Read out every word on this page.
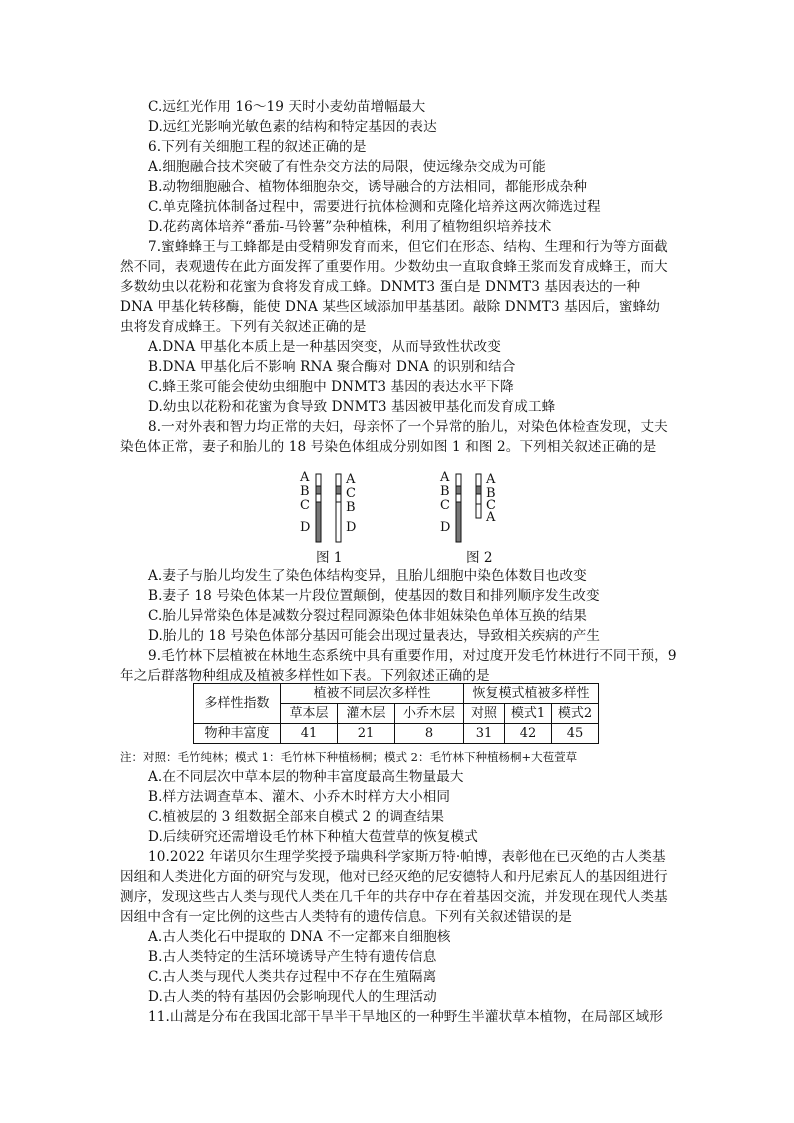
C.远红光作用 16～19 天时小麦幼苗增幅最大
D.远红光影响光敏色素的结构和特定基因的表达
6.下列有关细胞工程的叙述正确的是
A.细胞融合技术突破了有性杂交方法的局限，使远缘杂交成为可能
B.动物细胞融合、植物体细胞杂交，诱导融合的方法相同，都能形成杂种
C.单克隆抗体制备过程中，需要进行抗体检测和克隆化培养这两次筛选过程
D.花药离体培养“番茄-马铃薯”杂种植株，利用了植物组织培养技术
7.蜜蜂蜂王与工蜂都是由受精卵发育而来，但它们在形态、结构、生理和行为等方面截
然不同，表观遗传在此方面发挥了重要作用。少数幼虫一直取食蜂王浆而发育成蜂王，而大
多数幼虫以花粉和花蜜为食将发育成工蜂。DNMT3 蛋白是 DNMT3 基因表达的一种
DNA 甲基化转移酶，能使 DNA 某些区域添加甲基基团。敲除 DNMT3 基因后，蜜蜂幼
虫将发育成蜂王。下列有关叙述正确的是
A.DNA 甲基化本质上是一种基因突变，从而导致性状改变
B.DNA 甲基化后不影响 RNA 聚合酶对 DNA 的识别和结合
C.蜂王浆可能会使幼虫细胞中 DNMT3 基因的表达水平下降
D.幼虫以花粉和花蜜为食导致 DNMT3 基因被甲基化而发育成工蜂
8.一对外表和智力均正常的夫妇，母亲怀了一个异常的胎儿，对染色体检查发现，丈夫
染色体正常，妻子和胎儿的 18 号染色体组成分别如图 1 和图 2。下列相关叙述正确的是
A
B
C
D
A
C
B
D
图 1
A
B
C
D
A
B
C
A
图 2
A.妻子与胎儿均发生了染色体结构变异，且胎儿细胞中染色体数目也改变
B.妻子 18 号染色体某一片段位置颠倒，使基因的数目和排列顺序发生改变
C.胎儿异常染色体是减数分裂过程同源染色体非姐妹染色单体互换的结果
D.胎儿的 18 号染色体部分基因可能会出现过量表达，导致相关疾病的产生
9.毛竹林下层植被在林地生态系统中具有重要作用，对过度开发毛竹林进行不同干预，9
年之后群落物种组成及植被多样性如下表。下列叙述正确的是
多样性指数	植被不同层次多样性			恢复模式植被多样性		
	草本层	灌木层	小乔木层	对照	模式1	模式2
物种丰富度	41	21	8	31	42	45
注：对照：毛竹纯林；模式 1：毛竹林下种植杨桐；模式 2：毛竹林下种植杨桐+大苞萱草
A.在不同层次中草本层的物种丰富度最高生物量最大
B.样方法调查草本、灌木、小乔木时样方大小相同
C.植被层的 3 组数据全部来自模式 2 的调查结果
D.后续研究还需增设毛竹林下种植大苞萱草的恢复模式
10.2022 年诺贝尔生理学奖授予瑞典科学家斯万特·帕博，表彰他在已灭绝的古人类基
因组和人类进化方面的研究与发现，他对已经灭绝的尼安德特人和丹尼索瓦人的基因组进行
测序，发现这些古人类与现代人类在几千年的共存中存在着基因交流，并发现在现代人类基
因组中含有一定比例的这些古人类特有的遗传信息。下列有关叙述错误的是
A.古人类化石中提取的 DNA 不一定都来自细胞核
B.古人类特定的生活环境诱导产生特有遗传信息
C.古人类与现代人类共存过程中不存在生殖隔离
D.古人类的特有基因仍会影响现代人的生理活动
11.山蒿是分布在我国北部干旱半干旱地区的一种野生半灌状草本植物，在局部区域形
